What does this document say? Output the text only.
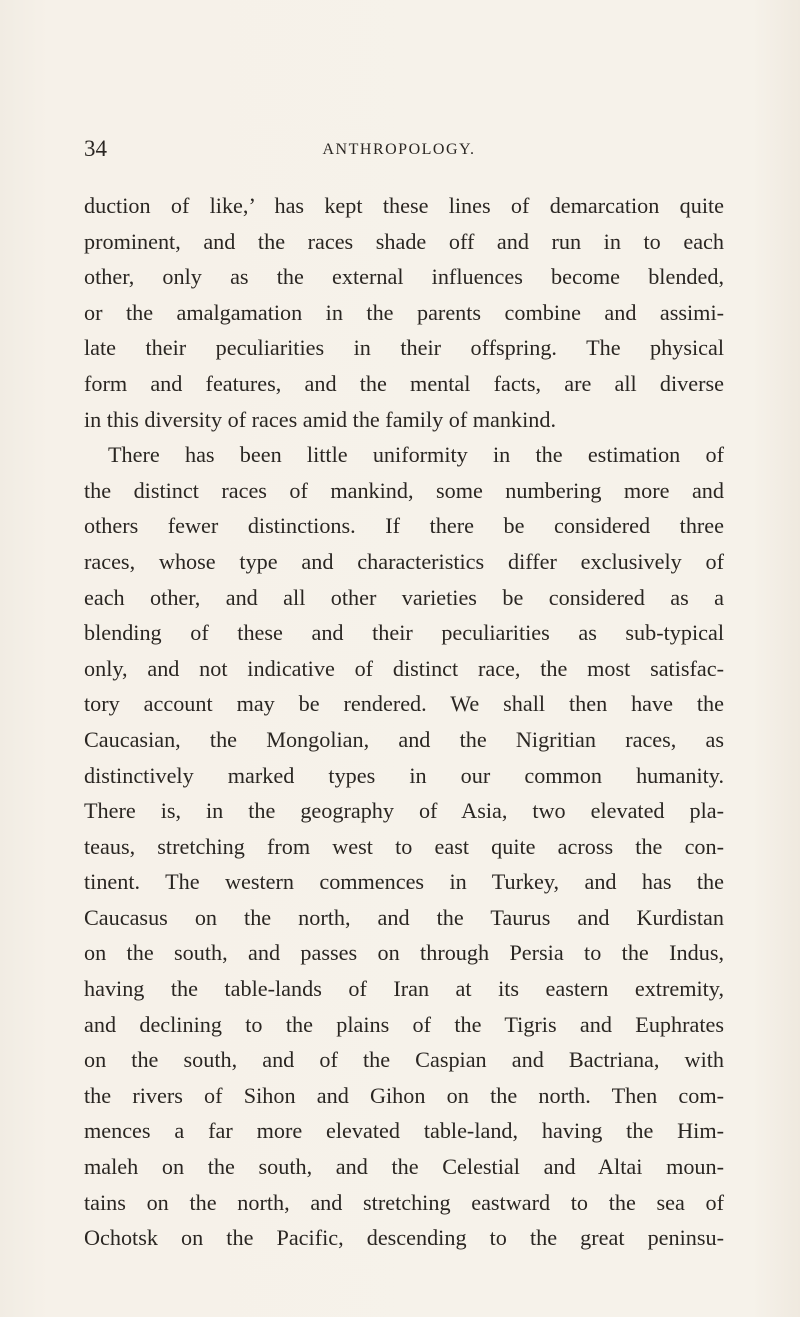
34	ANTHROPOLOGY.
duction of like,’ has kept these lines of demarcation quite
prominent, and the races shade off and run in to each
other, only as the external influences become blended,
or the amalgamation in the parents combine and assimi-
late their peculiarities in their offspring. The physical
form and features, and the mental facts, are all diverse
in this diversity of races amid the family of mankind.
There has been little uniformity in the estimation of
the distinct races of mankind, some numbering more and
others fewer distinctions. If there be considered three
races, whose type and characteristics differ exclusively of
each other, and all other varieties be considered as a
blending of these and their peculiarities as sub-typical
only, and not indicative of distinct race, the most satisfac-
tory account may be rendered. We shall then have the
Caucasian, the Mongolian, and the Nigritian races, as
distinctively marked types in our common humanity.
There is, in the geography of Asia, two elevated pla-
teaus, stretching from west to east quite across the con-
tinent. The western commences in Turkey, and has the
Caucasus on the north, and the Taurus and Kurdistan
on the south, and passes on through Persia to the Indus,
having the table-lands of Iran at its eastern extremity,
and declining to the plains of the Tigris and Euphrates
on the south, and of the Caspian and Bactriana, with
the rivers of Sihon and Gihon on the north. Then com-
mences a far more elevated table-land, having the Him-
maleh on the south, and the Celestial and Altai moun-
tains on the north, and stretching eastward to the sea of
Ochotsk on the Pacific, descending to the great peninsu-
